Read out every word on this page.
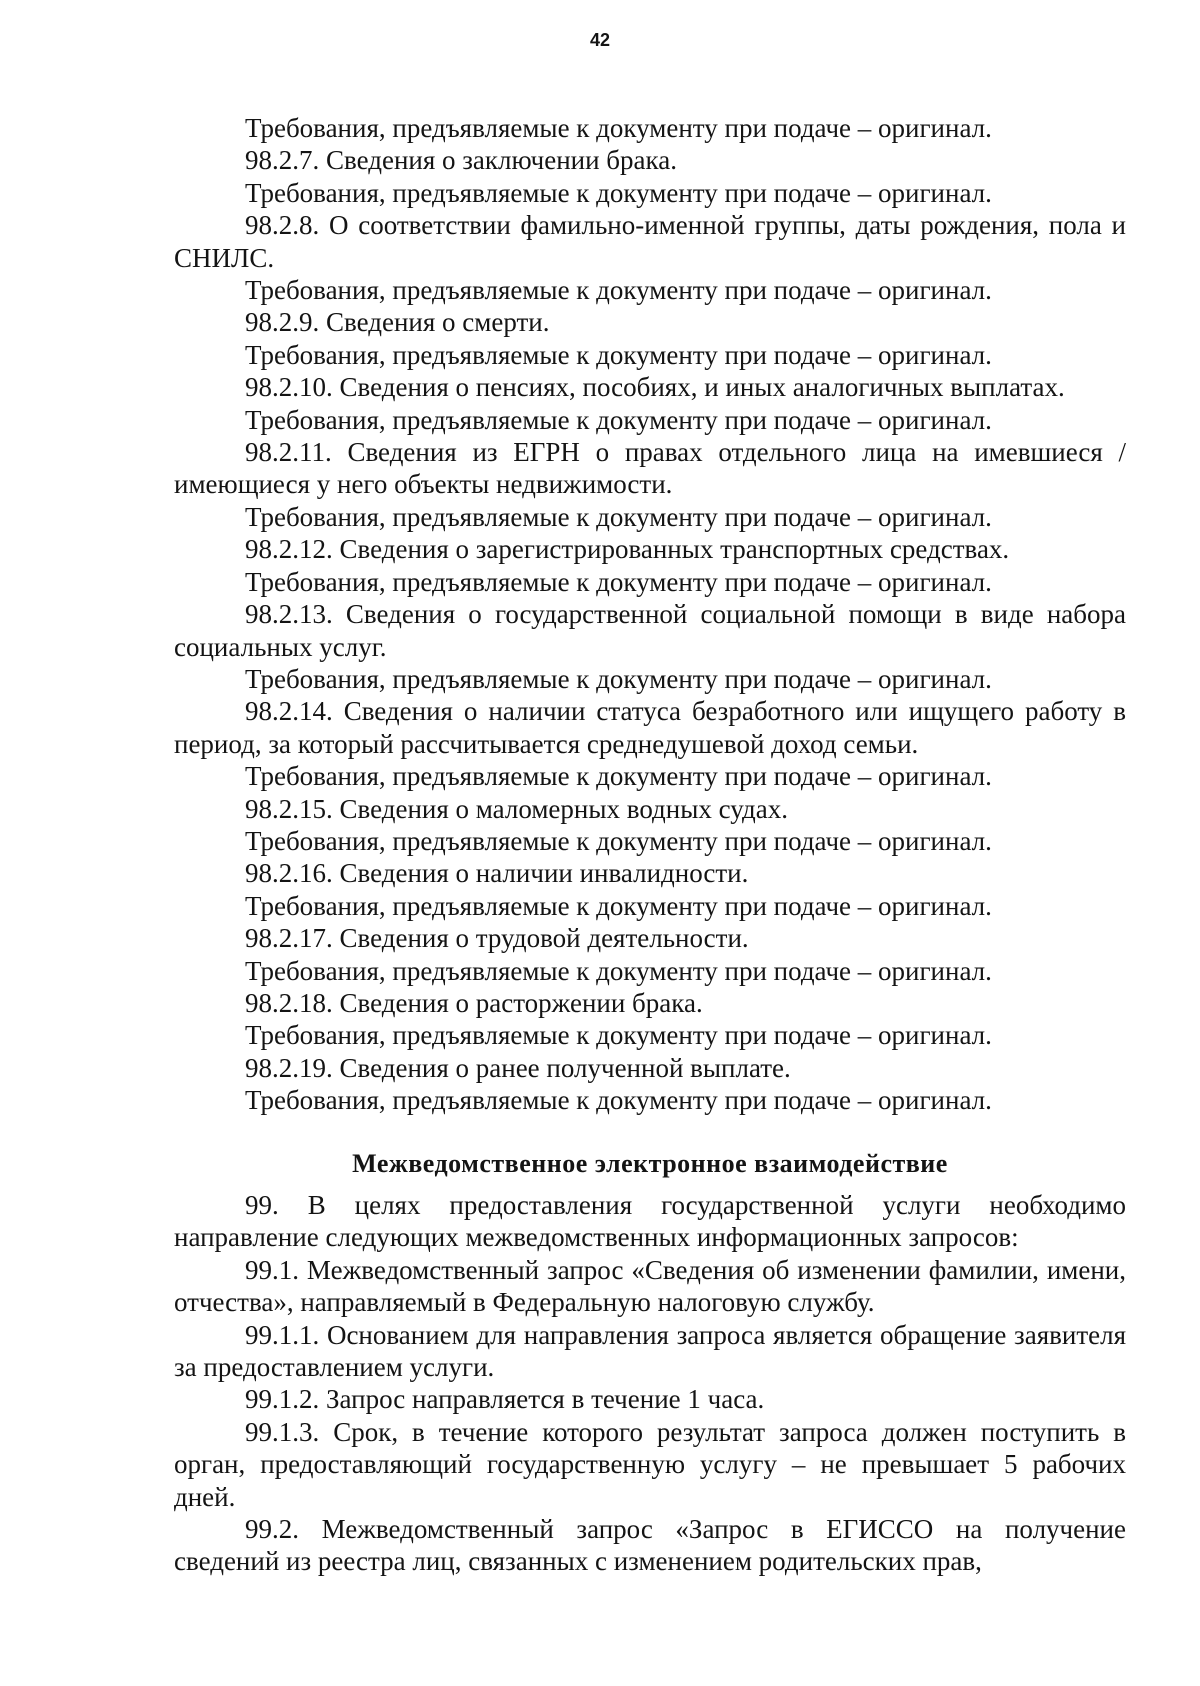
42

Требования, предъявляемые к документу при подаче – оригинал.

98.2.7. Сведения о заключении брака.

Требования, предъявляемые к документу при подаче – оригинал.

98.2.8. О соответствии фамильно-именной группы, даты рождения, пола и СНИЛС.

Требования, предъявляемые к документу при подаче – оригинал.

98.2.9. Сведения о смерти.

Требования, предъявляемые к документу при подаче – оригинал.

98.2.10. Сведения о пенсиях, пособиях, и иных аналогичных выплатах.

Требования, предъявляемые к документу при подаче – оригинал.

98.2.11. Сведения из ЕГРН о правах отдельного лица на имевшиеся / имеющиеся у него объекты недвижимости.

Требования, предъявляемые к документу при подаче – оригинал.

98.2.12. Сведения о зарегистрированных транспортных средствах.

Требования, предъявляемые к документу при подаче – оригинал.

98.2.13. Сведения о государственной социальной помощи в виде набора социальных услуг.

Требования, предъявляемые к документу при подаче – оригинал.

98.2.14. Сведения о наличии статуса безработного или ищущего работу в период, за который рассчитывается среднедушевой доход семьи.

Требования, предъявляемые к документу при подаче – оригинал.

98.2.15. Сведения о маломерных водных судах.

Требования, предъявляемые к документу при подаче – оригинал.

98.2.16. Сведения о наличии инвалидности.

Требования, предъявляемые к документу при подаче – оригинал.

98.2.17. Сведения о трудовой деятельности.

Требования, предъявляемые к документу при подаче – оригинал.

98.2.18. Сведения о расторжении брака.

Требования, предъявляемые к документу при подаче – оригинал.

98.2.19. Сведения о ранее полученной выплате.

Требования, предъявляемые к документу при подаче – оригинал.

Межведомственное электронное взаимодействие

99. В целях предоставления государственной услуги необходимо направление следующих межведомственных информационных запросов:

99.1. Межведомственный запрос «Сведения об изменении фамилии, имени, отчества», направляемый в Федеральную налоговую службу.

99.1.1. Основанием для направления запроса является обращение заявителя за предоставлением услуги.

99.1.2. Запрос направляется в течение 1 часа.

99.1.3. Срок, в течение которого результат запроса должен поступить в орган, предоставляющий государственную услугу – не превышает 5 рабочих дней.

99.2. Межведомственный запрос «Запрос в ЕГИССО на получение сведений из реестра лиц, связанных с изменением родительских прав,
